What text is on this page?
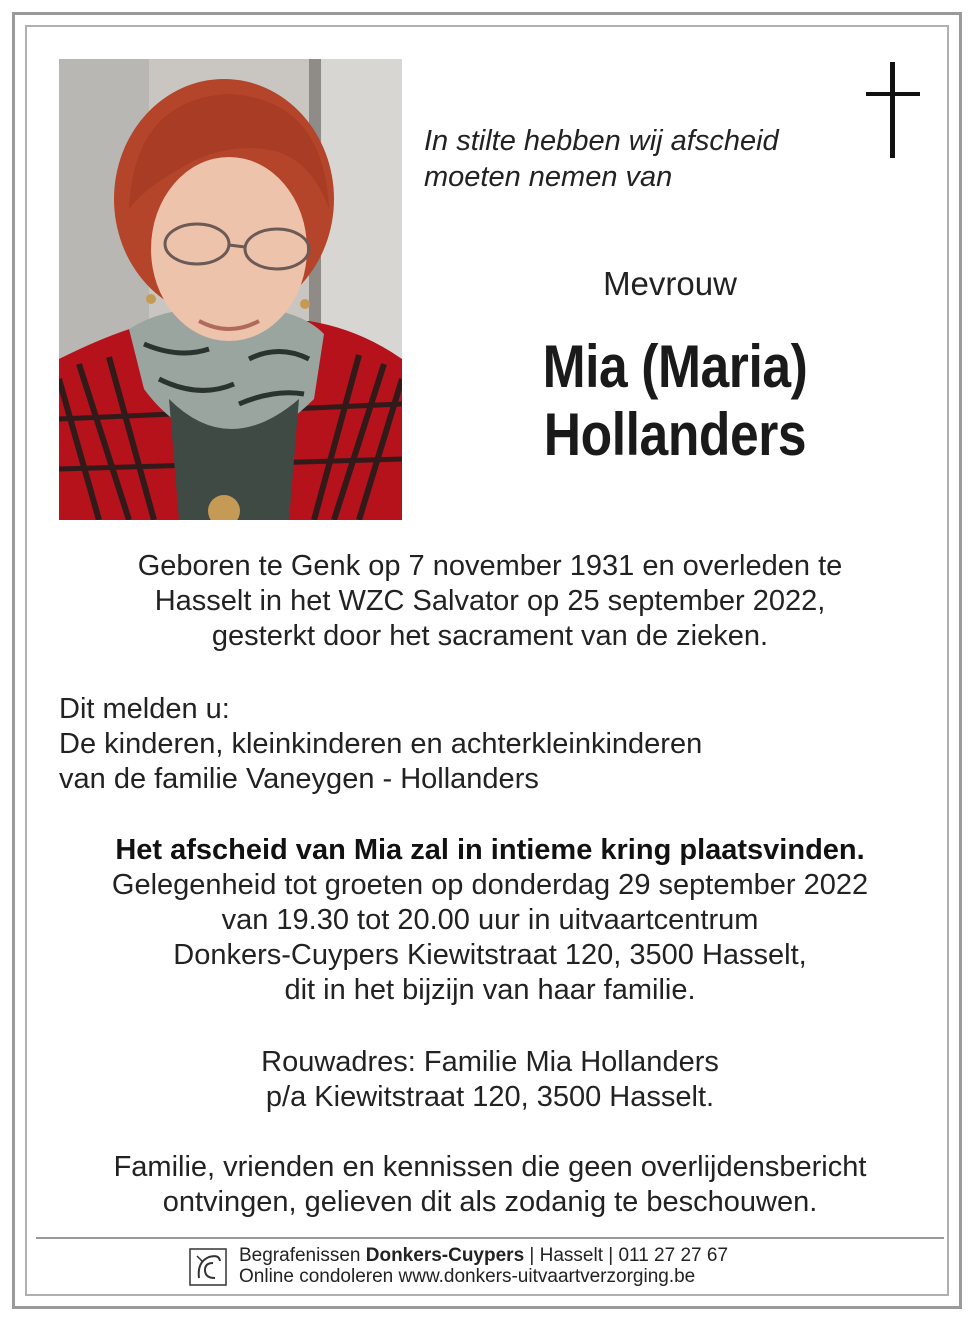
In stilte hebben wij afscheid
moeten nemen van
Mevrouw
Mia (Maria)
Hollanders
Geboren te Genk op 7 november 1931 en overleden te
Hasselt in het WZC Salvator op 25 september 2022,
gesterkt door het sacrament van de zieken.
Dit melden u:
De kinderen, kleinkinderen en achterkleinkinderen
van de familie Vaneygen - Hollanders
Het afscheid van Mia zal in intieme kring plaatsvinden.
Gelegenheid tot groeten op donderdag 29 september 2022
van 19.30 tot 20.00 uur in uitvaartcentrum
Donkers-Cuypers Kiewitstraat 120, 3500 Hasselt,
dit in het bijzijn van haar familie.
Rouwadres: Familie Mia Hollanders
p/a Kiewitstraat 120, 3500 Hasselt.
Familie, vrienden en kennissen die geen overlijdensbericht
ontvingen, gelieven dit als zodanig te beschouwen.
Begrafenissen Donkers-Cuypers | Hasselt | 011 27 27 67
Online condoleren www.donkers-uitvaartverzorging.be
